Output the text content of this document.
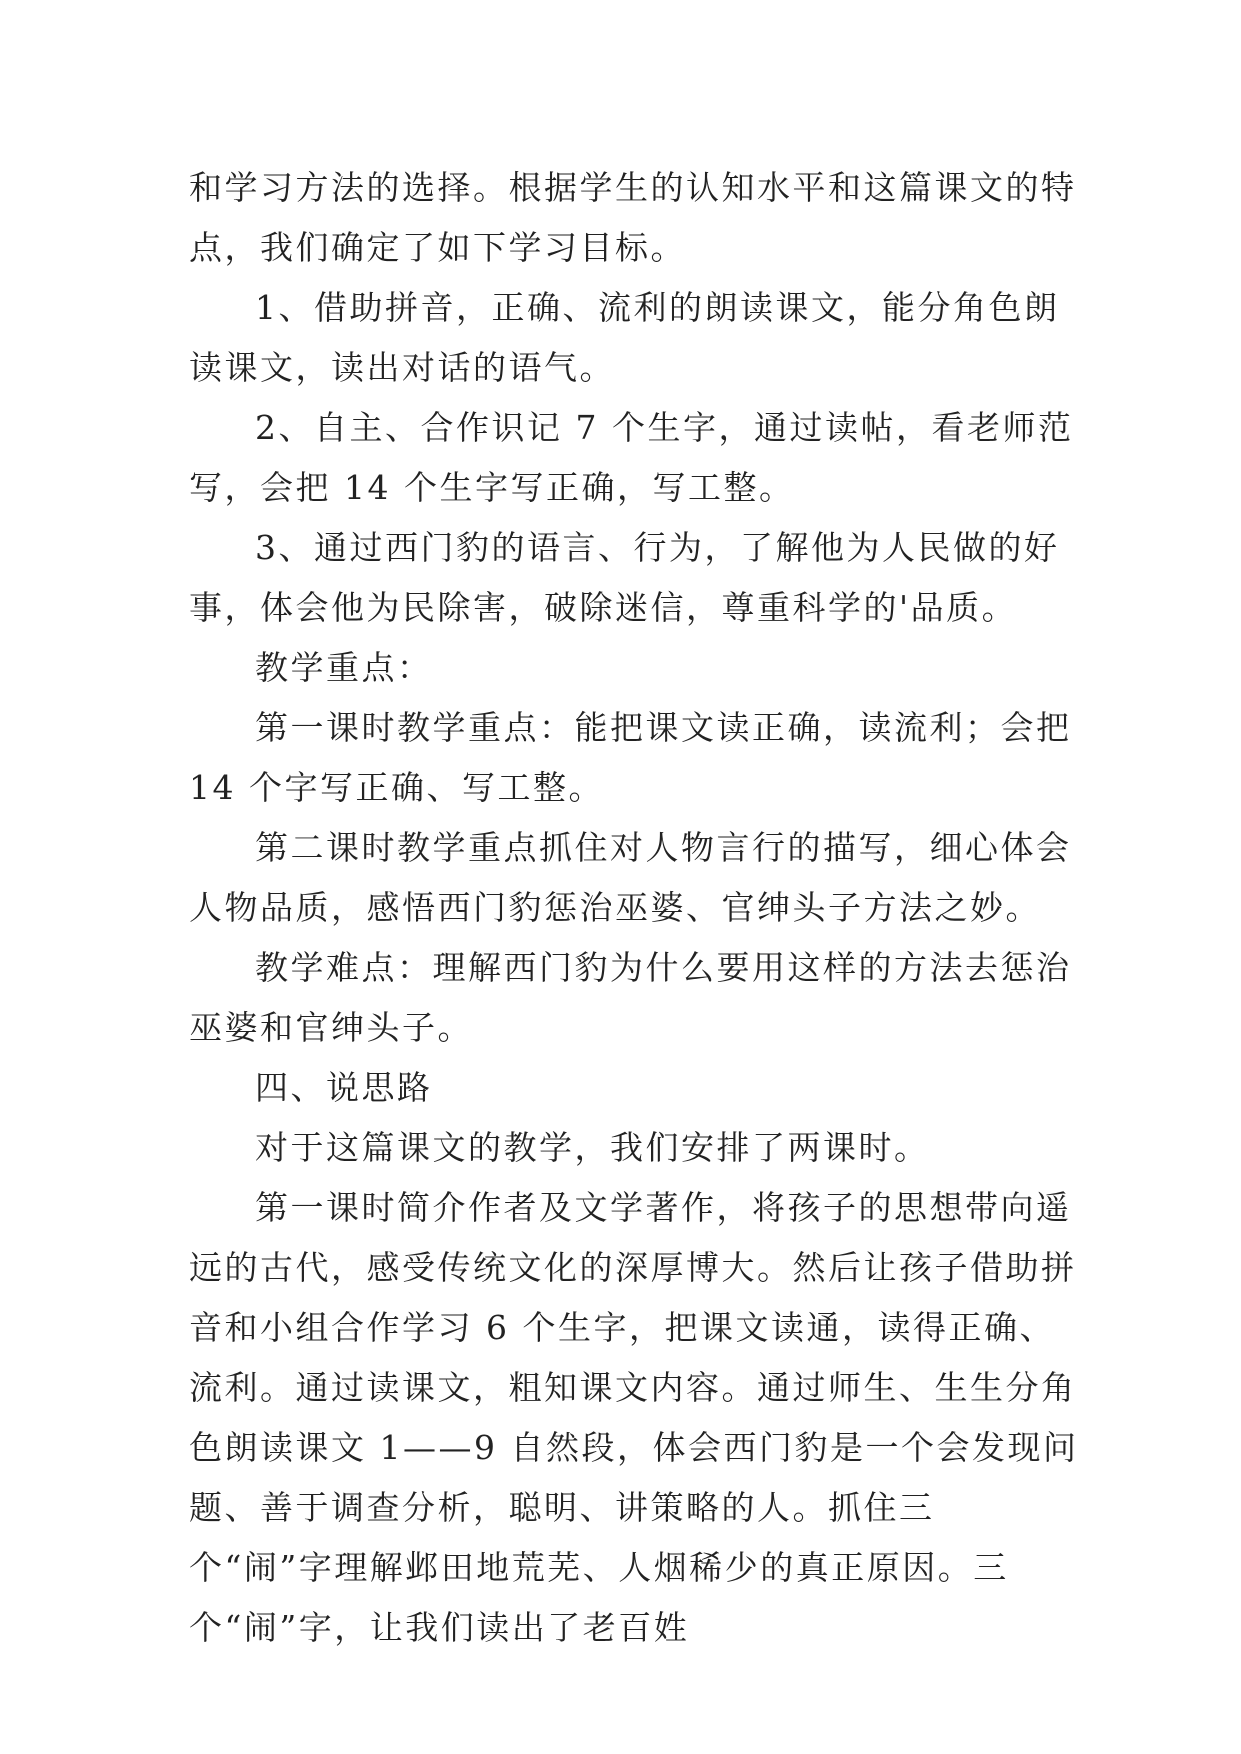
和学习方法的选择。根据学生的认知水平和这篇课文的特点，我们确定了如下学习目标。

1、借助拼音，正确、流利的朗读课文，能分角色朗读课文，读出对话的语气。

2、自主、合作识记 7 个生字，通过读帖，看老师范写，会把 14 个生字写正确，写工整。

3、通过西门豹的语言、行为，了解他为人民做的好事，体会他为民除害，破除迷信，尊重科学的'品质。

教学重点：

第一课时教学重点：能把课文读正确，读流利；会把 14 个字写正确、写工整。

第二课时教学重点抓住对人物言行的描写，细心体会人物品质，感悟西门豹惩治巫婆、官绅头子方法之妙。

教学难点：理解西门豹为什么要用这样的方法去惩治巫婆和官绅头子。

四、说思路

对于这篇课文的教学，我们安排了两课时。

第一课时简介作者及文学著作，将孩子的思想带向遥远的古代，感受传统文化的深厚博大。然后让孩子借助拼音和小组合作学习 6 个生字，把课文读通，读得正确、流利。通过读课文，粗知课文内容。通过师生、生生分角色朗读课文 1——9 自然段，体会西门豹是一个会发现问题、善于调查分析，聪明、讲策略的人。抓住三个“闹”字理解邺田地荒芜、人烟稀少的真正原因。三个“闹”字，让我们读出了老百姓
